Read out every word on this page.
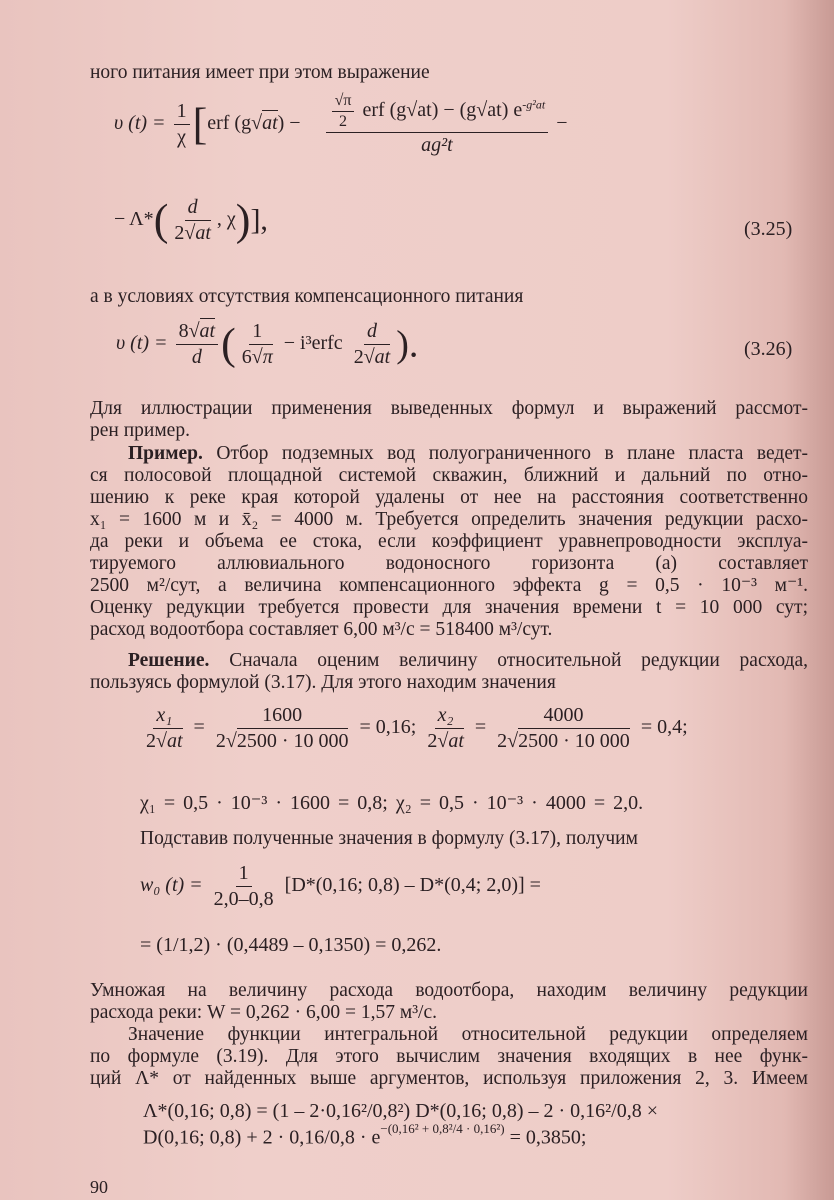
ного питания имеет при этом выражение
υ $(t) = \frac{1}{\chi} [erf$ $(g√at) - \frac{\frac{√\pi}{2} erf (g√at) - (g√at) e^{-g^2at}}{\text{ag²t}}$ −
− $\Lambda*( \frac{d}{2√at}$ , χ)],	(3.25)
а в условиях отсутствия компенсационного питания
υ $(t) = \frac{8√at}{d}$ ( $\frac{1}{6√\pi}$ − i³erfc $\frac{d}{2√at}$ ).	(3.26)
Для иллюстрации применения выведенных формул и выражений рассмот-
рен пример.
Пример. Отбор подземных вод полуограниченного в плане пласта ведет-
ся полосовой площадной системой скважин, ближний и дальний по отно-
шению к реке края которой удалены от нее на расстояния соответственно
x₁ = 1600 м и x̄₂ = 4000 м. Требуется определить значения редукции расхо-
да реки и объема ее стока, если коэффициент уравнепроводности эксплуа-
тируемого аллювиального водоносного горизонта (a) составляет
2500 м²/сут, а величина компенсационного эффекта g = 0,5 · 10⁻³ м⁻¹.
Оценку редукции требуется провести для значения времени t = 10 000 сут;
расход водоотбора составляет 6,00 м³/с = 518400 м³/сут.
Решение. Сначала оценим величину относительной редукции расхода,
пользуясь формулой (3.17). Для этого находим значения
$\frac{\text{x₁}}{2√at} = \frac{1600}{2√2500 \cdot 10 000} = 0,16$; $\frac{\text{x₂}}{2√at} = \frac{4000}{2√2500 \cdot 10 000} = 0,4$;
χ₁ = 0,5 · 10⁻³ · 1600 = 0,8; χ₂ = 0,5 · 10⁻³ · 4000 = 2,0.
Подставив полученные значения в формулу (3.17), получим
w₀ $(t) = \frac{1}{2,0-0,8} [D*(0,16$; 0,8) – D*(0,4; 2,0)] =
= (1/1,2) · (0,4489 – 0,1350) = 0,262.
Умножая на величину расхода водоотбора, находим величину редукции
расхода реки: W = 0,262 · 6,00 = 1,57 м³/с.
Значение функции интегральной относительной редукции определяем
по формуле (3.19). Для этого вычислим значения входящих в нее функ-
ций Λ* от найденных выше аргументов, используя приложения 2, 3. Имеем
Λ*(0,16; 0,8) = (1 – 2·0,16²/0,8²) D*(0,16; 0,8) – 2 · 0,16²/0,8 ×
D(0,16; $0,8) + 2 \cdot 0,16/0,8 \cdot e^{-(0,16^2 + 0,8^2/4 \cdot 0,16^2)} = 0,3850$;
90
